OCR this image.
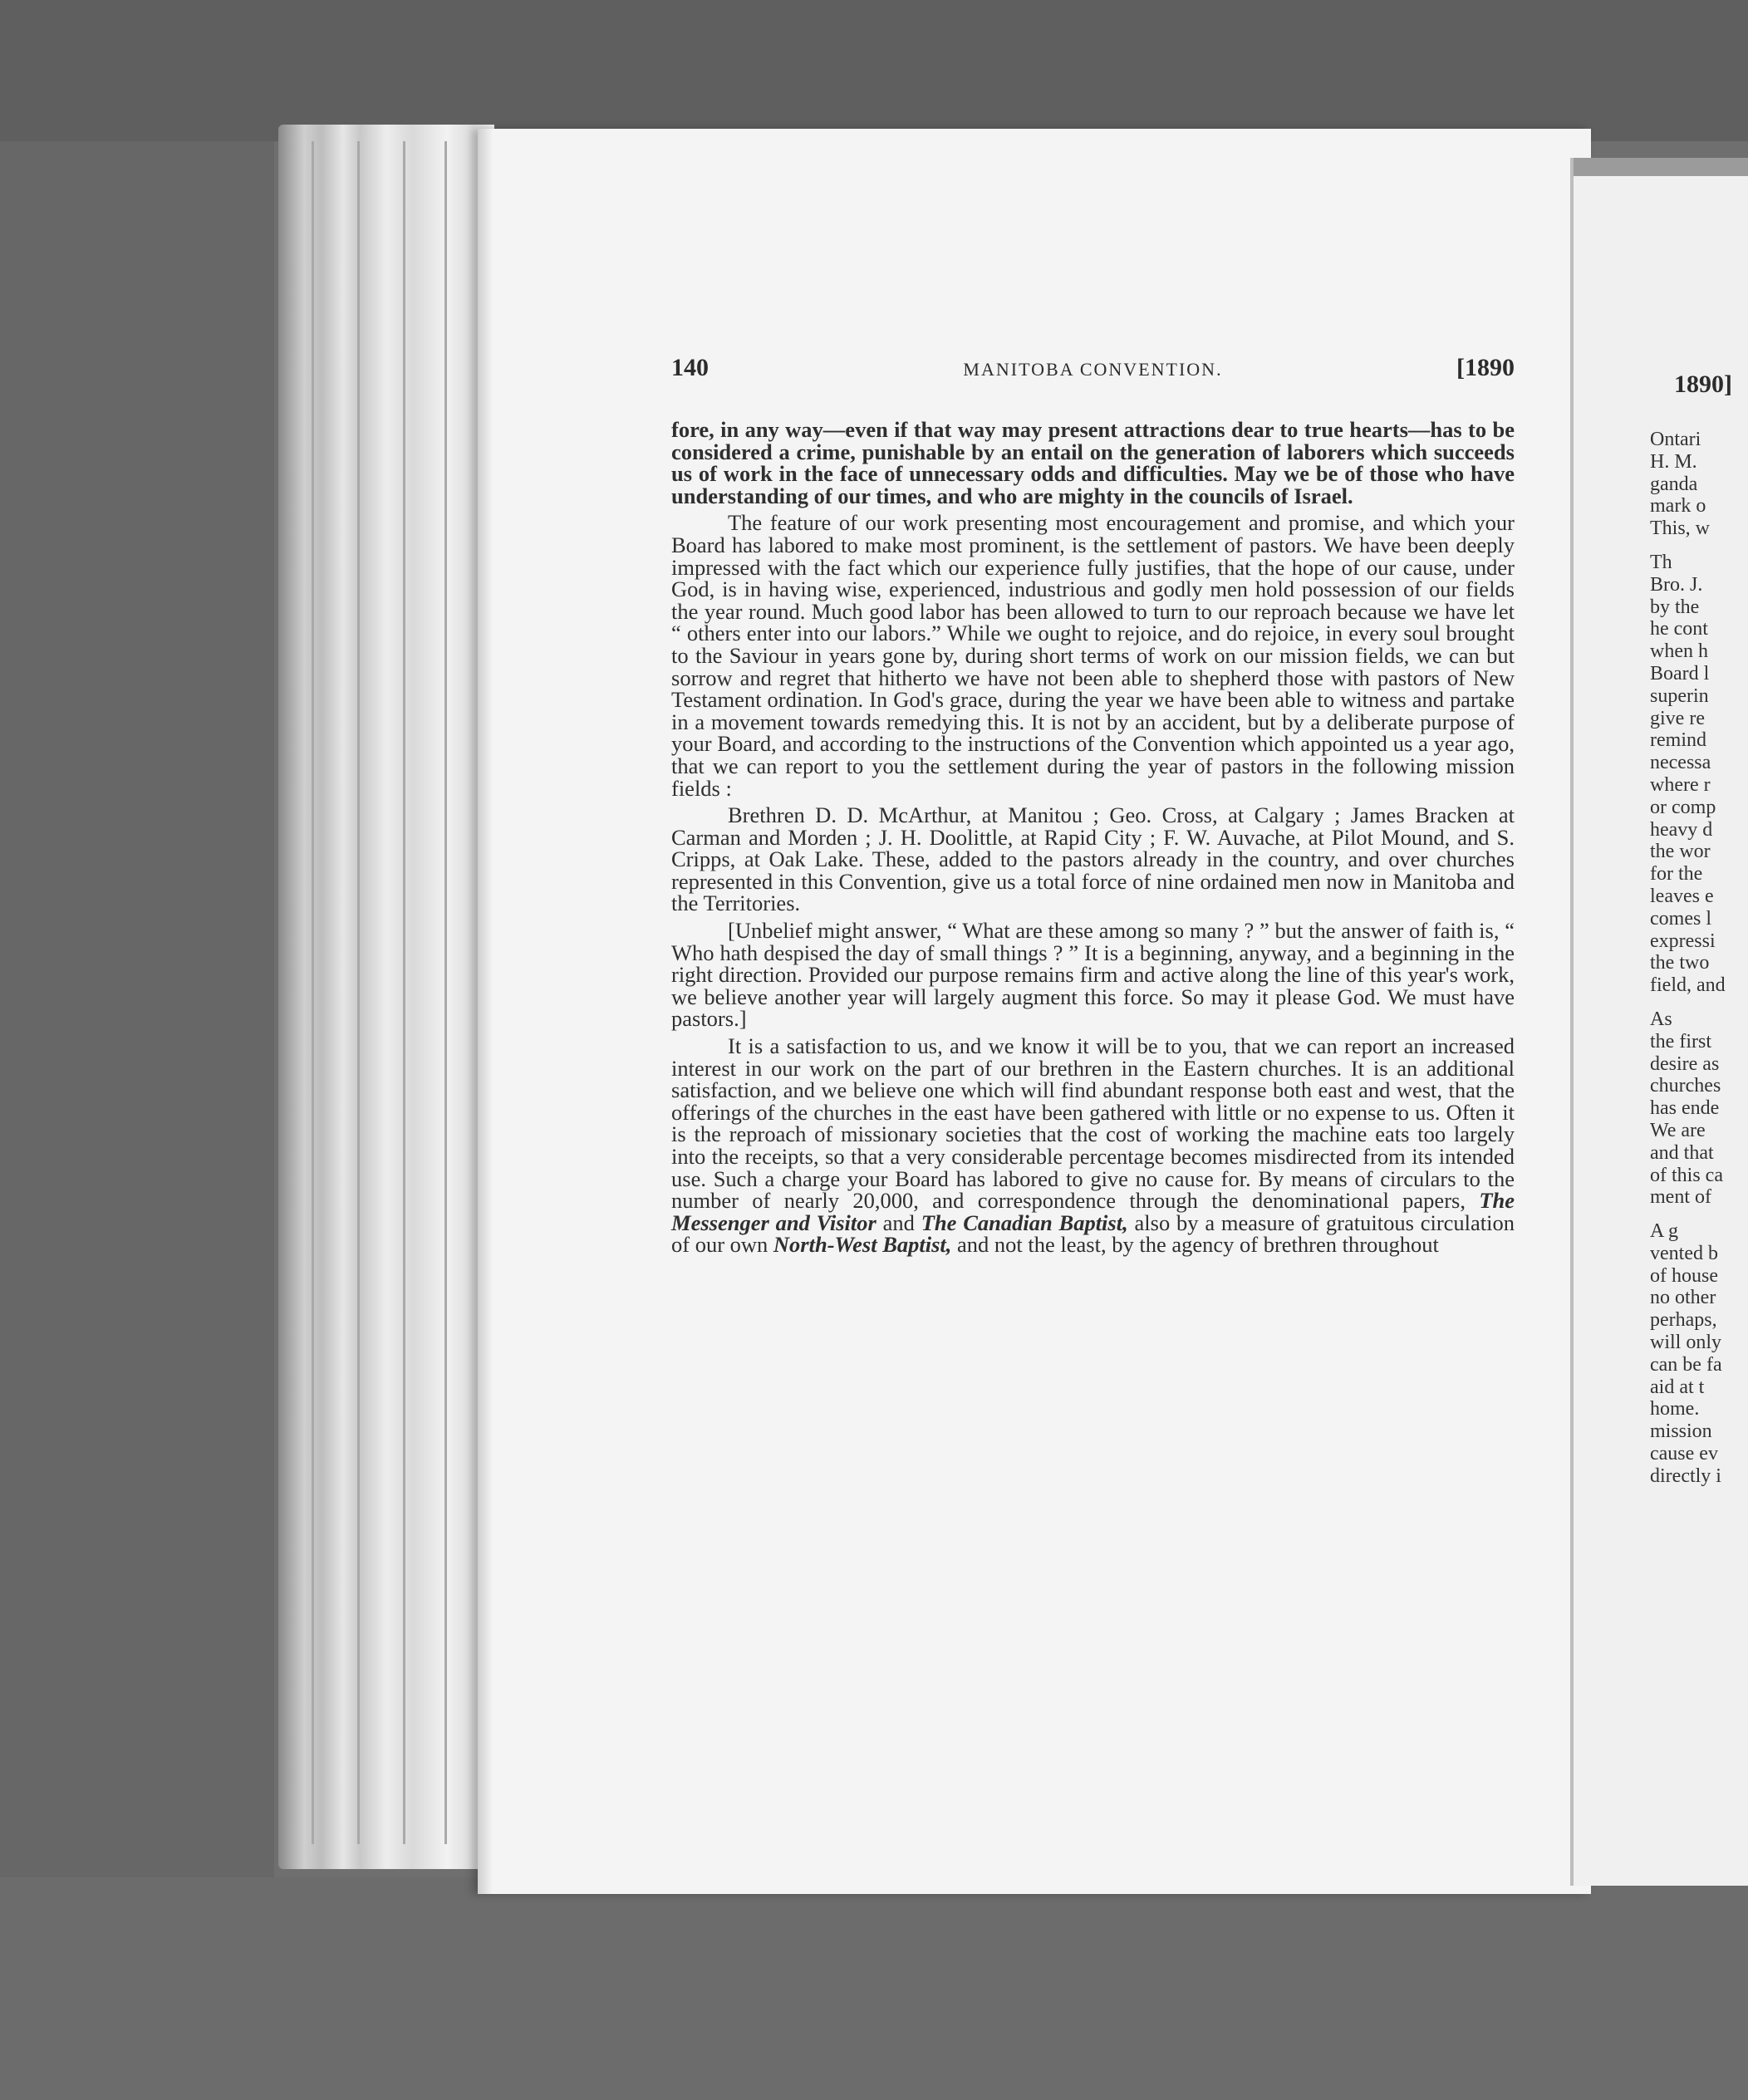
140	MANITOBA CONVENTION.	[1890

fore, in any way—even if that way may present attractions dear to true hearts—has to be considered a crime, punishable by an entail on the generation of laborers which succeeds us of work in the face of unnecessary odds and difficulties. May we be of those who have understanding of our times, and who are mighty in the councils of Israel.

The feature of our work presenting most encouragement and promise, and which your Board has labored to make most prominent, is the settlement of pastors. We have been deeply impressed with the fact which our experience fully justifies, that the hope of our cause, under God, is in having wise, experienced, industrious and godly men hold possession of our fields the year round. Much good labor has been allowed to turn to our reproach because we have let “ others enter into our labors.” While we ought to rejoice, and do rejoice, in every soul brought to the Saviour in years gone by, during short terms of work on our mission fields, we can but sorrow and regret that hitherto we have not been able to shepherd those with pastors of New Testament ordination. In God's grace, during the year we have been able to witness and partake in a movement towards remedying this. It is not by an accident, but by a deliberate purpose of your Board, and according to the instructions of the Convention which appointed us a year ago, that we can report to you the settlement during the year of pastors in the following mission fields :

Brethren D. D. McArthur, at Manitou ; Geo. Cross, at Calgary ; James Bracken at Carman and Morden ; J. H. Doolittle, at Rapid City ; F. W. Auvache, at Pilot Mound, and S. Cripps, at Oak Lake. These, added to the pastors already in the country, and over churches represented in this Convention, give us a total force of nine ordained men now in Manitoba and the Territories.

[Unbelief might answer, “ What are these among so many ? ” but the answer of faith is, “ Who hath despised the day of small things ? ” It is a beginning, anyway, and a beginning in the right direction. Provided our purpose remains firm and active along the line of this year's work, we believe another year will largely augment this force. So may it please God. We must have pastors.]

It is a satisfaction to us, and we know it will be to you, that we can report an increased interest in our work on the part of our brethren in the Eastern churches. It is an additional satisfaction, and we believe one which will find abundant response both east and west, that the offerings of the churches in the east have been gathered with little or no expense to us. Often it is the reproach of missionary societies that the cost of working the machine eats too largely into the receipts, so that a very considerable percentage becomes misdirected from its intended use. Such a charge your Board has labored to give no cause for. By means of circulars to the number of nearly 20,000, and correspondence through the denominational papers, The Messenger and Visitor and The Canadian Baptist, also by a measure of gratuitous circulation of our own North-West Baptist, and not the least, by the agency of brethren throughout

1890]
Ontari
H. M.
ganda
mark o
This, w
Th
Bro. J.
by the
he cont
when h
Board l
superin
give re
remind
necessa
where r
or comp
heavy d
the wor
for the
leaves e
comes l
expressi
the two
field, and
As
the first
desire as
churches
has ende
We are
and that
of this ca
ment of
A g
vented b
of house
no other
perhaps,
will only
can be fa
aid at t
home.
mission
cause ev
directly i
